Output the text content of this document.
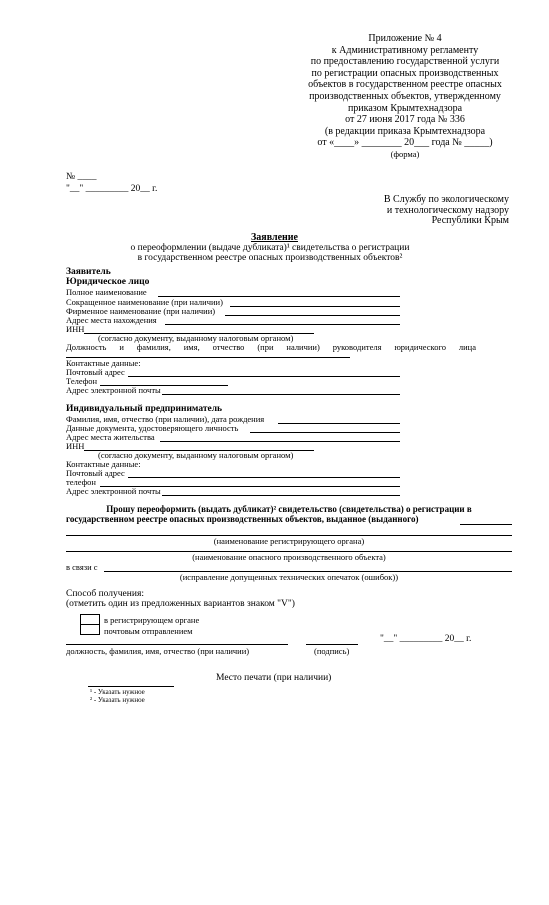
Приложение № 4
к Административному регламенту
по предоставлению государственной услуги
по регистрации опасных производственных
объектов в государственном реестре опасных
производственных объектов, утвержденному
приказом Крымтехнадзора
от 27 июня 2017 года № 336
(в редакции приказа Крымтехнадзора
от «____» ________ 20___ года № _____)
(форма)
№ ____
"__" _________ 20__ г.
В Службу по экологическому
и технологическому надзору
Республики Крым
Заявление
о переоформлении (выдаче дубликата)¹ свидетельства о регистрации
в государственном реестре опасных производственных объектов²
Заявитель
Юридическое лицо
Полное наименование
Сокращенное наименование (при наличии)
Фирменное наименование (при наличии)
Адрес места нахождения
ИНН
(согласно документу, выданному налоговым органом)
Должность и фамилия, имя, отчество (при наличии) руководителя юридического лица
Контактные данные:
Почтовый адрес
Телефон
Адрес электронной почты
Индивидуальный предприниматель
Фамилия, имя, отчество (при наличии), дата рождения
Данные документа, удостоверяющего личность
Адрес места жительства
ИНН
(согласно документу, выданному налоговым органом)
Контактные данные:
Почтовый адрес
телефон
Адрес электронной почты
Прошу переоформить (выдать дубликат)² свидетельство (свидетельства) о регистрации в
государственном реестре опасных производственных объектов, выданное (выданного)
(наименование регистрирующего органа)
(наименование опасного производственного объекта)
в связи с
(исправление допущенных технических опечаток (ошибок))
Способ получения:
(отметить один из предложенных вариантов знаком "V")
в регистрирующем органе
почтовым отправлением
"__" _________ 20__ г.
должность, фамилия, имя, отчество (при наличии)	(подпись)
Место печати (при наличии)
¹ - Указать нужное
² - Указать нужное
